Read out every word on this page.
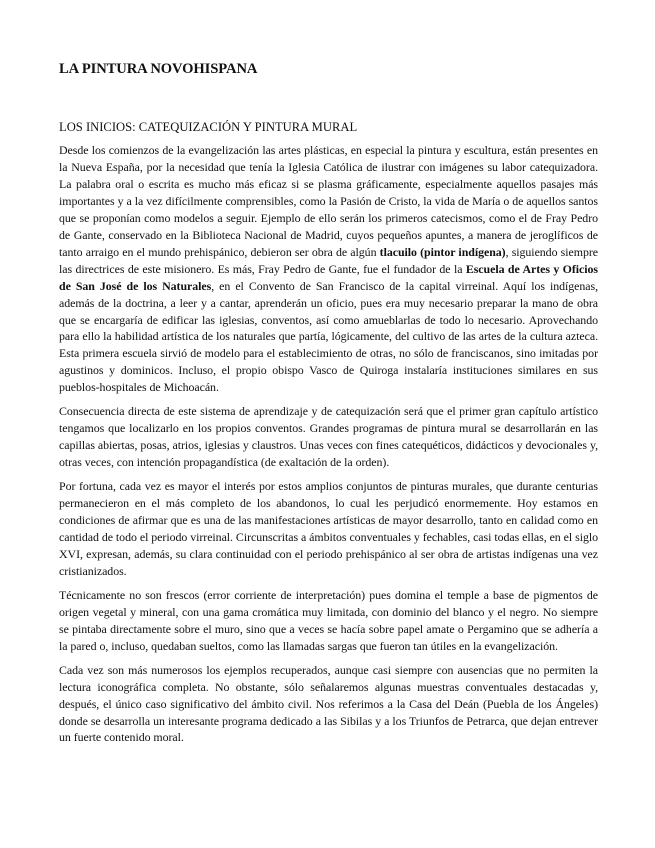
LA PINTURA NOVOHISPANA
LOS INICIOS: CATEQUIZACIÓN Y PINTURA MURAL

Desde los comienzos de la evangelización las artes plásticas, en especial la pintura y escultura, están presentes en la Nueva España, por la necesidad que tenía la Iglesia Católica de ilustrar con imágenes su labor catequizadora. La palabra oral o escrita es mucho más eficaz si se plasma gráficamente, especialmente aquellos pasajes más importantes y a la vez difícilmente comprensibles, como la Pasión de Cristo, la vida de María o de aquellos santos que se proponían como modelos a seguir. Ejemplo de ello serán los primeros catecismos, como el de Fray Pedro de Gante, conservado en la Biblioteca Nacional de Madrid, cuyos pequeños apuntes, a manera de jeroglíficos de tanto arraigo en el mundo prehispánico, debieron ser obra de algún tlacuilo (pintor indígena), siguiendo siempre las directrices de este misionero. Es más, Fray Pedro de Gante, fue el fundador de la Escuela de Artes y Oficios de San José de los Naturales, en el Convento de San Francisco de la capital virreinal. Aquí los indígenas, además de la doctrina, a leer y a cantar, aprenderán un oficio, pues era muy necesario preparar la mano de obra que se encargaría de edificar las iglesias, conventos, así como amueblarlas de todo lo necesario. Aprovechando para ello la habilidad artística de los naturales que partía, lógicamente, del cultivo de las artes de la cultura azteca. Esta primera escuela sirvió de modelo para el establecimiento de otras, no sólo de franciscanos, sino imitadas por agustinos y dominicos. Incluso, el propio obispo Vasco de Quiroga instalaría instituciones similares en sus pueblos-hospitales de Michoacán.

Consecuencia directa de este sistema de aprendizaje y de catequización será que el primer gran capítulo artístico tengamos que localizarlo en los propios conventos. Grandes programas de pintura mural se desarrollarán en las capillas abiertas, posas, atrios, iglesias y claustros. Unas veces con fines catequéticos, didácticos y devocionales y, otras veces, con intención propagandística (de exaltación de la orden).

Por fortuna, cada vez es mayor el interés por estos amplios conjuntos de pinturas murales, que durante centurias permanecieron en el más completo de los abandonos, lo cual les perjudicó enormemente. Hoy estamos en condiciones de afirmar que es una de las manifestaciones artísticas de mayor desarrollo, tanto en calidad como en cantidad de todo el periodo virreinal. Circunscritas a ámbitos conventuales y fechables, casi todas ellas, en el siglo XVI, expresan, además, su clara continuidad con el periodo prehispánico al ser obra de artistas indígenas una vez cristianizados.

Técnicamente no son frescos (error corriente de interpretación) pues domina el temple a base de pigmentos de origen vegetal y mineral, con una gama cromática muy limitada, con dominio del blanco y el negro. No siempre se pintaba directamente sobre el muro, sino que a veces se hacía sobre papel amate o Pergamino que se adhería a la pared o, incluso, quedaban sueltos, como las llamadas sargas que fueron tan útiles en la evangelización.

Cada vez son más numerosos los ejemplos recuperados, aunque casi siempre con ausencias que no permiten la lectura iconográfica completa. No obstante, sólo señalaremos algunas muestras conventuales destacadas y, después, el único caso significativo del ámbito civil. Nos referimos a la Casa del Deán (Puebla de los Ángeles) donde se desarrolla un interesante programa dedicado a las Sibilas y a los Triunfos de Petrarca, que dejan entrever un fuerte contenido moral.
